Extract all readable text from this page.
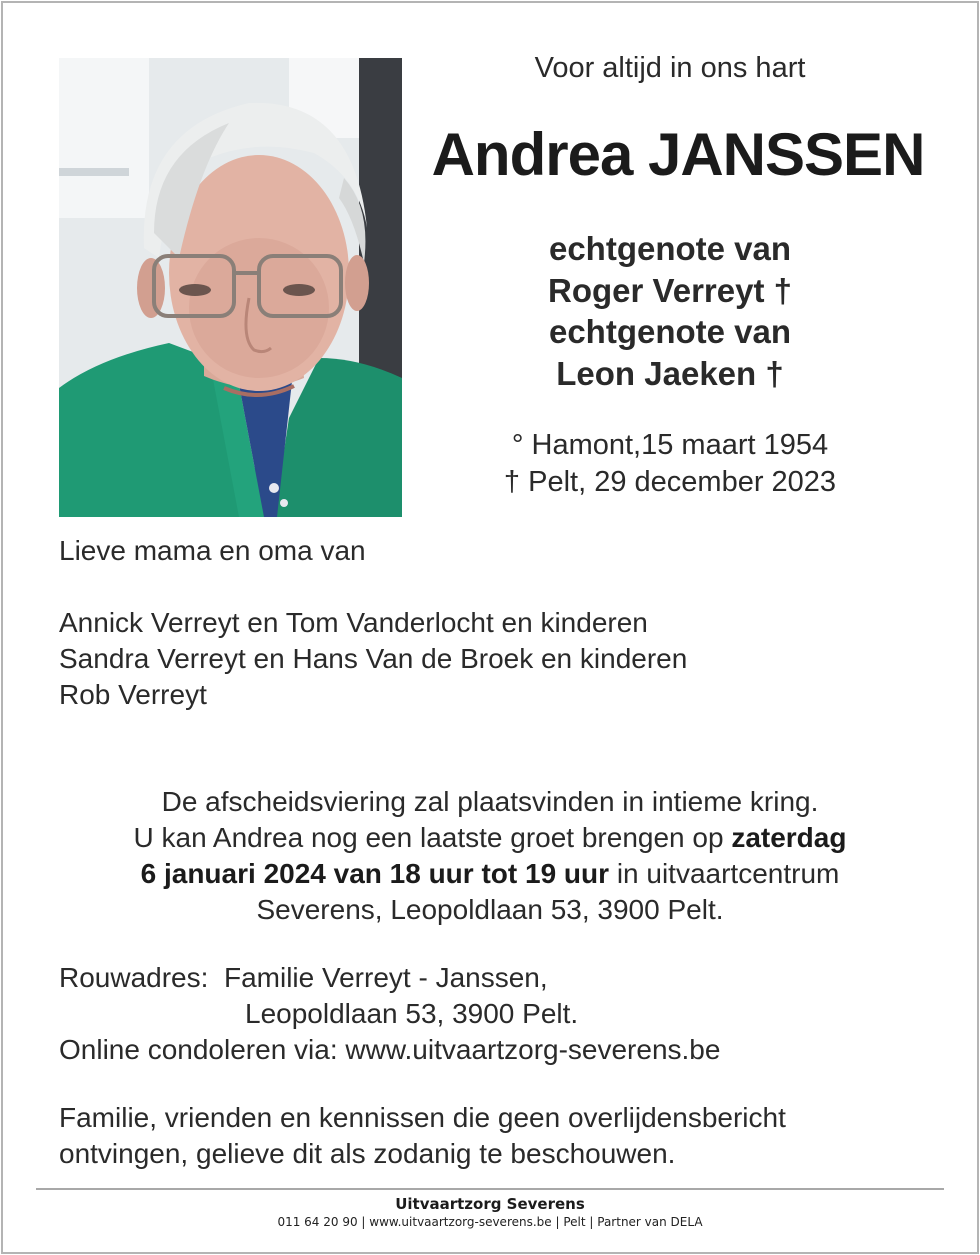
Voor altijd in ons hart
Andrea JANSSEN
echtgenote van
Roger Verreyt †
echtgenote van
Leon Jaeken †
° Hamont,15 maart 1954
† Pelt, 29 december 2023
Lieve mama en oma van
Annick Verreyt en Tom Vanderlocht en kinderen
Sandra Verreyt en Hans Van de Broek en kinderen
Rob Verreyt
De afscheidsviering zal plaatsvinden in intieme kring.
U kan Andrea nog een laatste groet brengen op zaterdag
6 januari 2024 van 18 uur tot 19 uur in uitvaartcentrum
Severens, Leopoldlaan 53, 3900 Pelt.
Rouwadres: Familie Verreyt - Janssen,
Leopoldlaan 53, 3900 Pelt.
Online condoleren via: www.uitvaartzorg-severens.be
Familie, vrienden en kennissen die geen overlijdensbericht
ontvingen, gelieve dit als zodanig te beschouwen.
Uitvaartzorg Severens
011 64 20 90 | www.uitvaartzorg-severens.be | Pelt | Partner van DELA
